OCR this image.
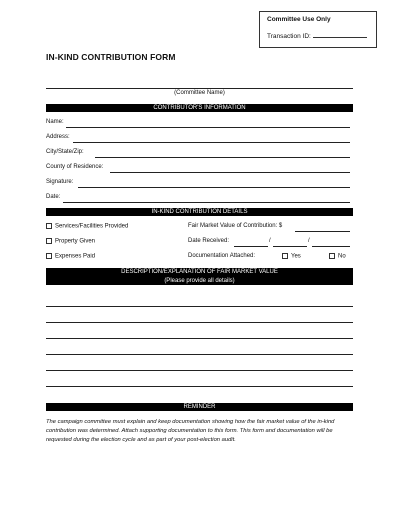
Committee Use Only
Transaction ID:
IN-KIND CONTRIBUTION FORM
(Committee Name)
CONTRIBUTOR'S INFORMATION
Name:
Address:
City/State/Zip:
County of Residence:
Signature:
Date:
IN-KIND CONTRIBUTION DETAILS
Services/Facilities Provided
Property Given
Expenses Paid
Fair Market Value of Contribution: $
Date Received:	/	/
Documentation Attached:	Yes	No
DESCRIPTION/EXPLANATION OF FAIR MARKET VALUE
(Please provide all details)
REMINDER
The campaign committee must explain and keep documentation showing how the fair market value of the in-kind contribution was determined. Attach supporting documentation to this form. This form and documentation will be requested during the election cycle and as part of your post-election audit.
